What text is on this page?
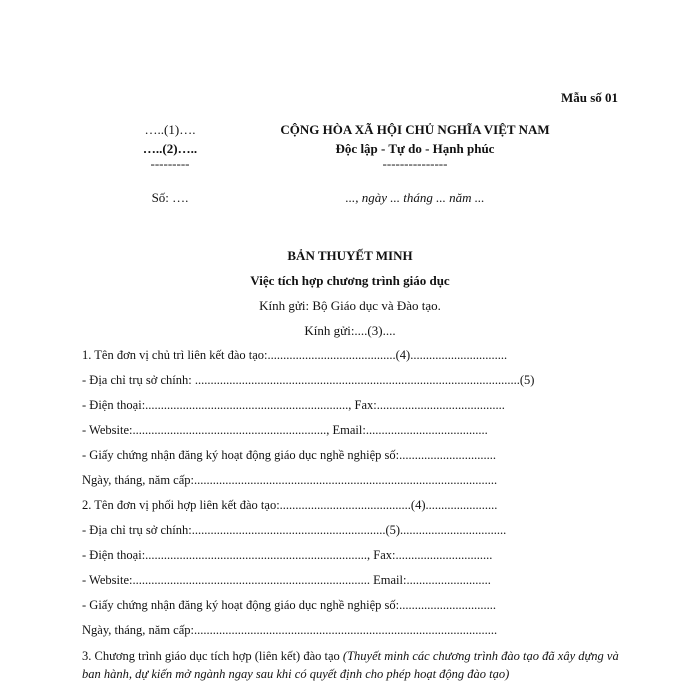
Mẫu số 01
…..(1)….
…..(2)…..
---------
Số: ….
CỘNG HÒA XÃ HỘI CHỦ NGHĨA VIỆT NAM
Độc lập - Tự do - Hạnh phúc
---------------
..., ngày ... tháng ... năm ...
BẢN THUYẾT MINH
Việc tích hợp chương trình giáo dục
Kính gửi: Bộ Giáo dục và Đào tạo.
Kính gửi:....(3)....
1. Tên đơn vị chủ trì liên kết đào tạo:.........................................(4)...............................
- Địa chỉ trụ sở chính: ........................................................................................................(5)
- Điện thoại:................................................................., Fax:.........................................
- Website:.............................................................., Email:.......................................
- Giấy chứng nhận đăng ký hoạt động giáo dục nghề nghiệp số:...............................
Ngày, tháng, năm cấp:.................................................................................................
2. Tên đơn vị phối hợp liên kết đào tạo:..........................................(4).......................
- Địa chỉ trụ sở chính:..............................................................(5)..................................
- Điện thoại:......................................................................., Fax:...............................
- Website:............................................................................ Email:...........................
- Giấy chứng nhận đăng ký hoạt động giáo dục nghề nghiệp số:...............................
Ngày, tháng, năm cấp:.................................................................................................
3. Chương trình giáo dục tích hợp (liên kết) đào tạo (Thuyết minh các chương trình đào tạo đã xây dựng và ban hành, dự kiến mở ngành ngay sau khi có quyết định cho phép hoạt động đào tạo)
